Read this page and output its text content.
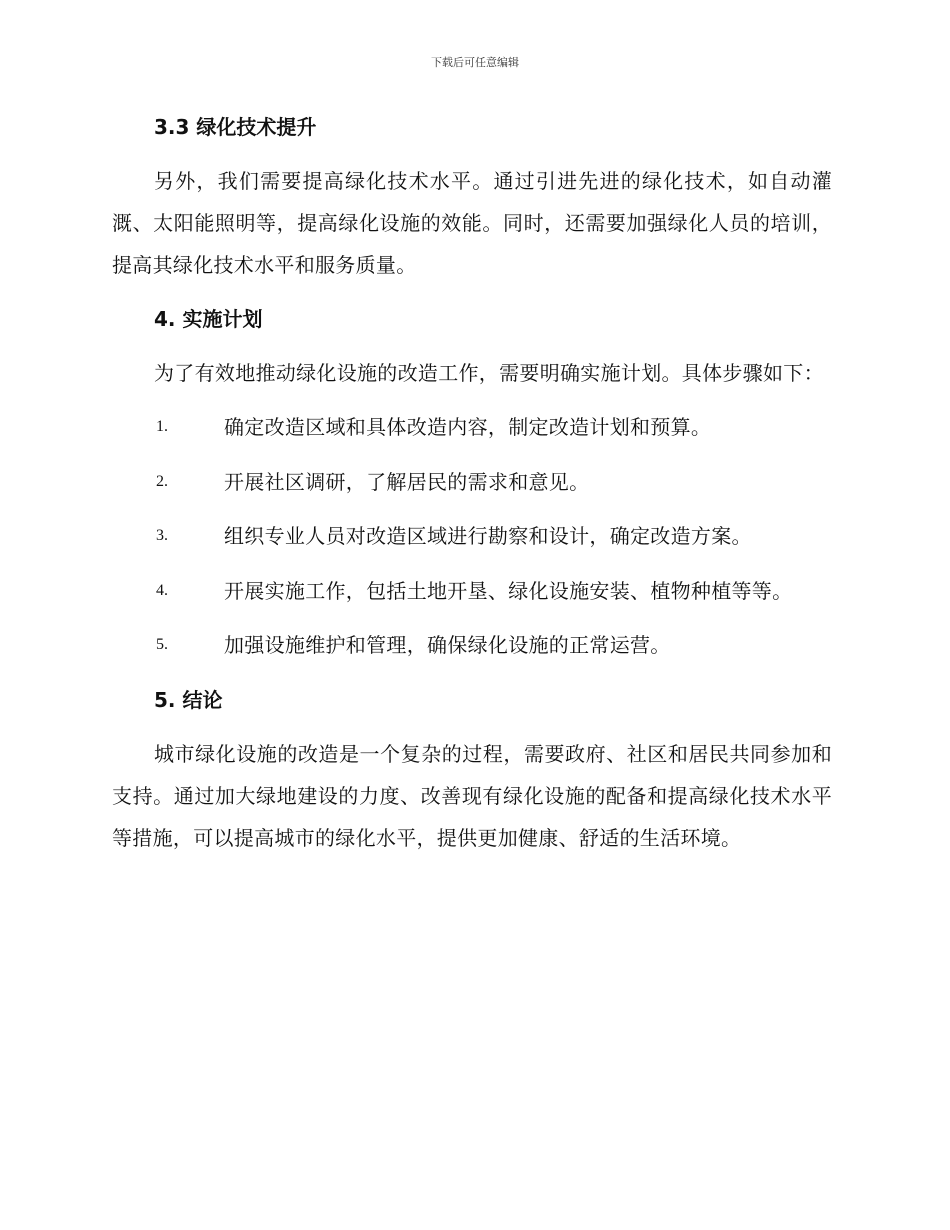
下载后可任意编辑
3.3 绿化技术提升

另外，我们需要提高绿化技术水平。通过引进先进的绿化技术，如自动灌溉、太阳能照明等，提高绿化设施的效能。同时，还需要加强绿化人员的培训，提高其绿化技术水平和服务质量。

4. 实施计划

为了有效地推动绿化设施的改造工作，需要明确实施计划。具体步骤如下：

1.	确定改造区域和具体改造内容，制定改造计划和预算。
2.	开展社区调研，了解居民的需求和意见。
3.	组织专业人员对改造区域进行勘察和设计，确定改造方案。
4.	开展实施工作，包括土地开垦、绿化设施安装、植物种植等等。
5.	加强设施维护和管理，确保绿化设施的正常运营。
5. 结论

城市绿化设施的改造是一个复杂的过程，需要政府、社区和居民共同参加和支持。通过加大绿地建设的力度、改善现有绿化设施的配备和提高绿化技术水平等措施，可以提高城市的绿化水平，提供更加健康、舒适的生活环境。
